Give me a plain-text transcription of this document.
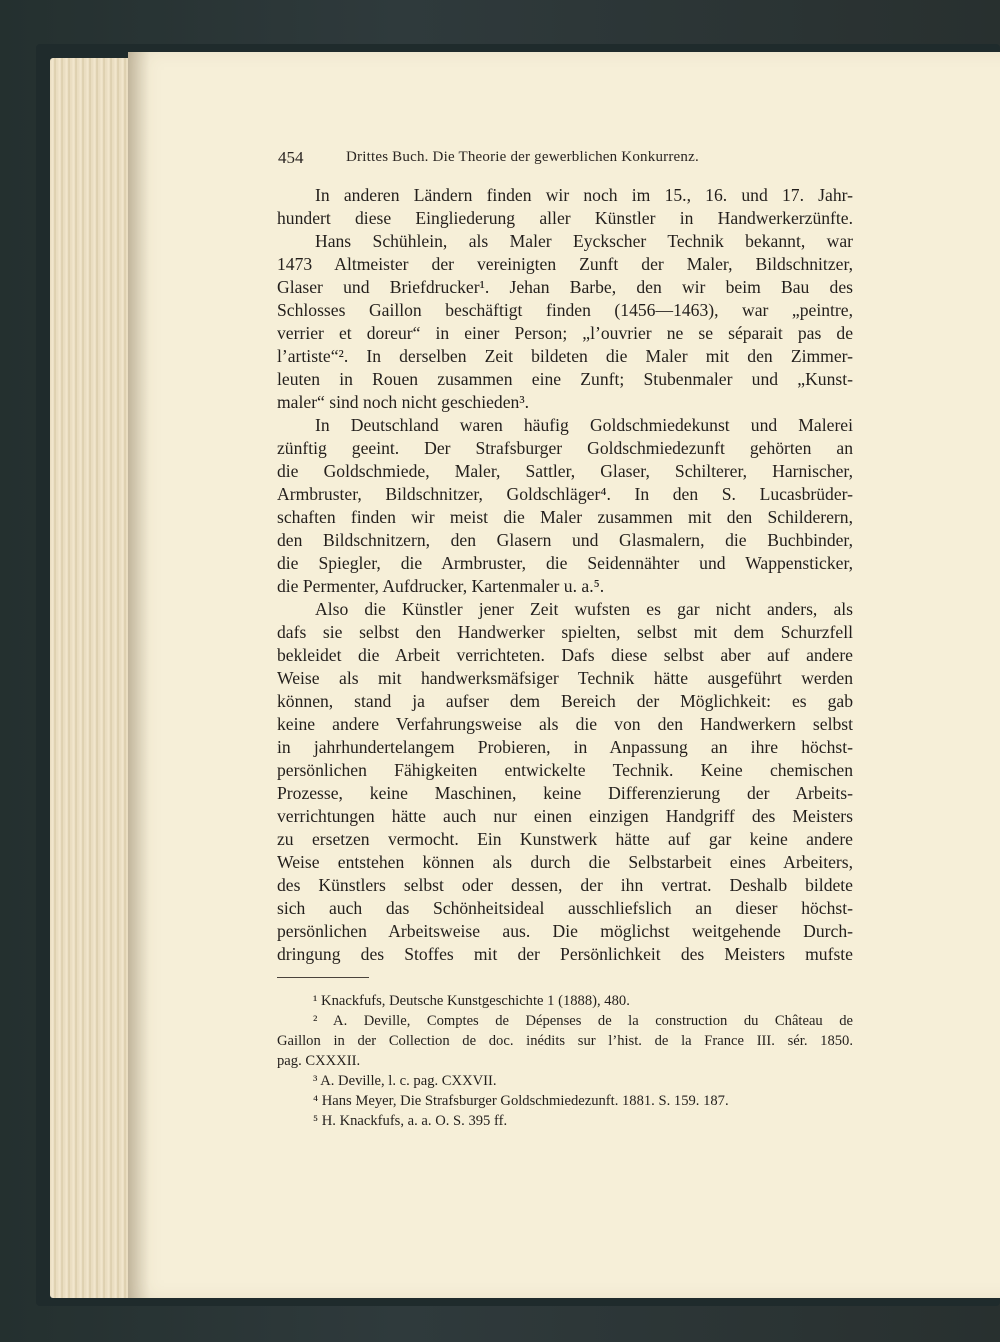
454	Drittes Buch. Die Theorie der gewerblichen Konkurrenz.
In anderen Ländern finden wir noch im 15., 16. und 17. Jahr-
hundert diese Eingliederung aller Künstler in Handwerkerzünfte.
Hans Schühlein, als Maler Eyckscher Technik bekannt, war
1473 Altmeister der vereinigten Zunft der Maler, Bildschnitzer,
Glaser und Briefdrucker¹. Jehan Barbe, den wir beim Bau des
Schlosses Gaillon beschäftigt finden (1456—1463), war „peintre,
verrier et doreur“ in einer Person; „l’ouvrier ne se séparait pas de
l’artiste“². In derselben Zeit bildeten die Maler mit den Zimmer-
leuten in Rouen zusammen eine Zunft; Stubenmaler und „Kunst-
maler“ sind noch nicht geschieden³.
In Deutschland waren häufig Goldschmiedekunst und Malerei
zünftig geeint. Der Strafsburger Goldschmiedezunft gehörten an
die Goldschmiede, Maler, Sattler, Glaser, Schilterer, Harnischer,
Armbruster, Bildschnitzer, Goldschläger⁴. In den S. Lucasbrüder-
schaften finden wir meist die Maler zusammen mit den Schilderern,
den Bildschnitzern, den Glasern und Glasmalern, die Buchbinder,
die Spiegler, die Armbruster, die Seidennähter und Wappensticker,
die Permenter, Aufdrucker, Kartenmaler u. a.⁵.
Also die Künstler jener Zeit wufsten es gar nicht anders, als
dafs sie selbst den Handwerker spielten, selbst mit dem Schurzfell
bekleidet die Arbeit verrichteten. Dafs diese selbst aber auf andere
Weise als mit handwerksmäfsiger Technik hätte ausgeführt werden
können, stand ja aufser dem Bereich der Möglichkeit: es gab
keine andere Verfahrungsweise als die von den Handwerkern selbst
in jahrhundertelangem Probieren, in Anpassung an ihre höchst-
persönlichen Fähigkeiten entwickelte Technik. Keine chemischen
Prozesse, keine Maschinen, keine Differenzierung der Arbeits-
verrichtungen hätte auch nur einen einzigen Handgriff des Meisters
zu ersetzen vermocht. Ein Kunstwerk hätte auf gar keine andere
Weise entstehen können als durch die Selbstarbeit eines Arbeiters,
des Künstlers selbst oder dessen, der ihn vertrat. Deshalb bildete
sich auch das Schönheitsideal ausschliefslich an dieser höchst-
persönlichen Arbeitsweise aus. Die möglichst weitgehende Durch-
dringung des Stoffes mit der Persönlichkeit des Meisters mufste
¹ Knackfufs, Deutsche Kunstgeschichte 1 (1888), 480.
² A. Deville, Comptes de Dépenses de la construction du Château de
Gaillon in der Collection de doc. inédits sur l’hist. de la France III. sér. 1850.
pag. CXXXII.
³ A. Deville, l. c. pag. CXXVII.
⁴ Hans Meyer, Die Strafsburger Goldschmiedezunft. 1881. S. 159. 187.
⁵ H. Knackfufs, a. a. O. S. 395 ff.
